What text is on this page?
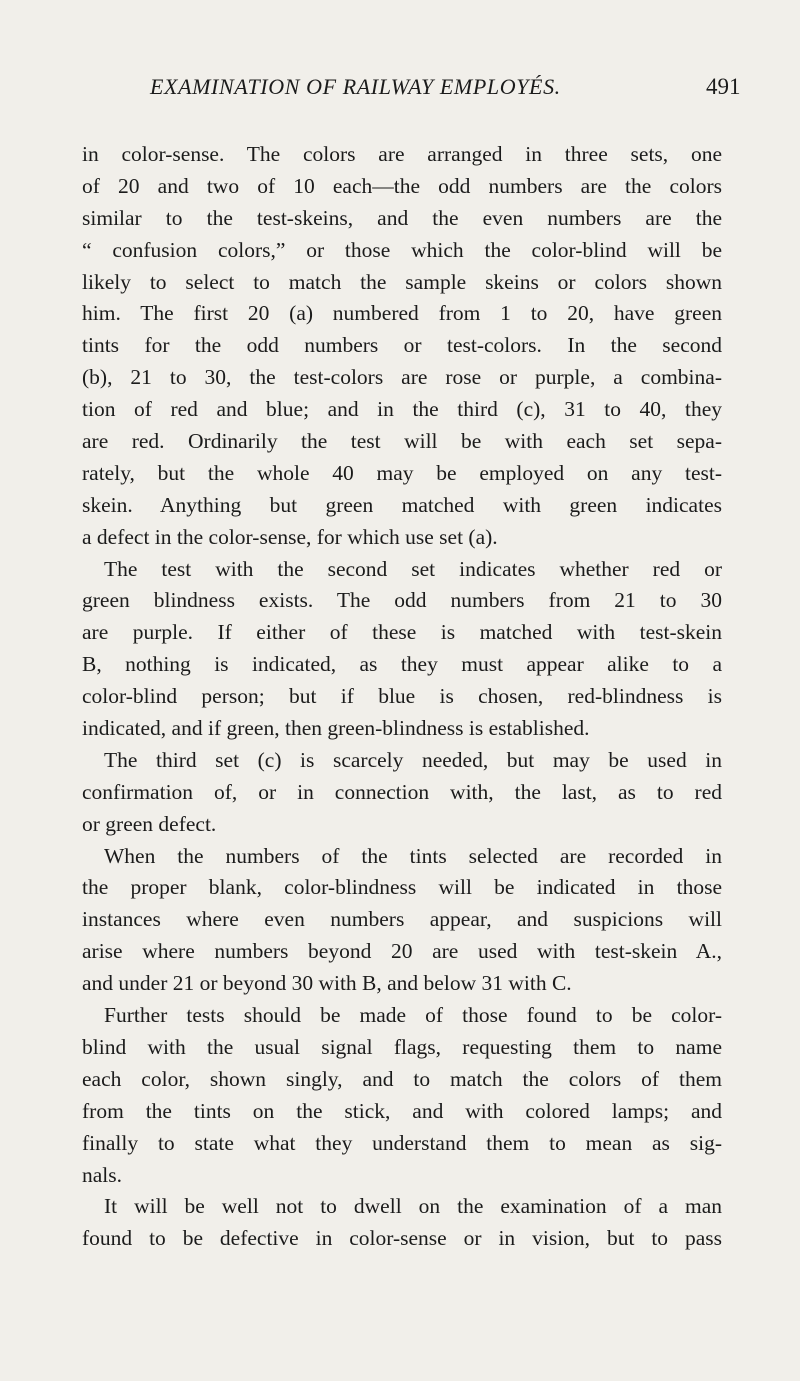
EXAMINATION OF RAILWAY EMPLOYÉS.	491
in color-sense. The colors are arranged in three sets, one
of 20 and two of 10 each—the odd numbers are the colors
similar to the test-skeins, and the even numbers are the
“ confusion colors,” or those which the color-blind will be
likely to select to match the sample skeins or colors shown
him. The first 20 (a) numbered from 1 to 20, have green
tints for the odd numbers or test-colors. In the second
(b), 21 to 30, the test-colors are rose or purple, a combina-
tion of red and blue; and in the third (c), 31 to 40, they
are red. Ordinarily the test will be with each set sepa-
rately, but the whole 40 may be employed on any test-
skein. Anything but green matched with green indicates
a defect in the color-sense, for which use set (a).
The test with the second set indicates whether red or
green blindness exists. The odd numbers from 21 to 30
are purple. If either of these is matched with test-skein
B, nothing is indicated, as they must appear alike to a
color-blind person; but if blue is chosen, red-blindness is
indicated, and if green, then green-blindness is established.
The third set (c) is scarcely needed, but may be used in
confirmation of, or in connection with, the last, as to red
or green defect.
When the numbers of the tints selected are recorded in
the proper blank, color-blindness will be indicated in those
instances where even numbers appear, and suspicions will
arise where numbers beyond 20 are used with test-skein A.,
and under 21 or beyond 30 with B, and below 31 with C.
Further tests should be made of those found to be color-
blind with the usual signal flags, requesting them to name
each color, shown singly, and to match the colors of them
from the tints on the stick, and with colored lamps; and
finally to state what they understand them to mean as sig-
nals.
It will be well not to dwell on the examination of a man
found to be defective in color-sense or in vision, but to pass
